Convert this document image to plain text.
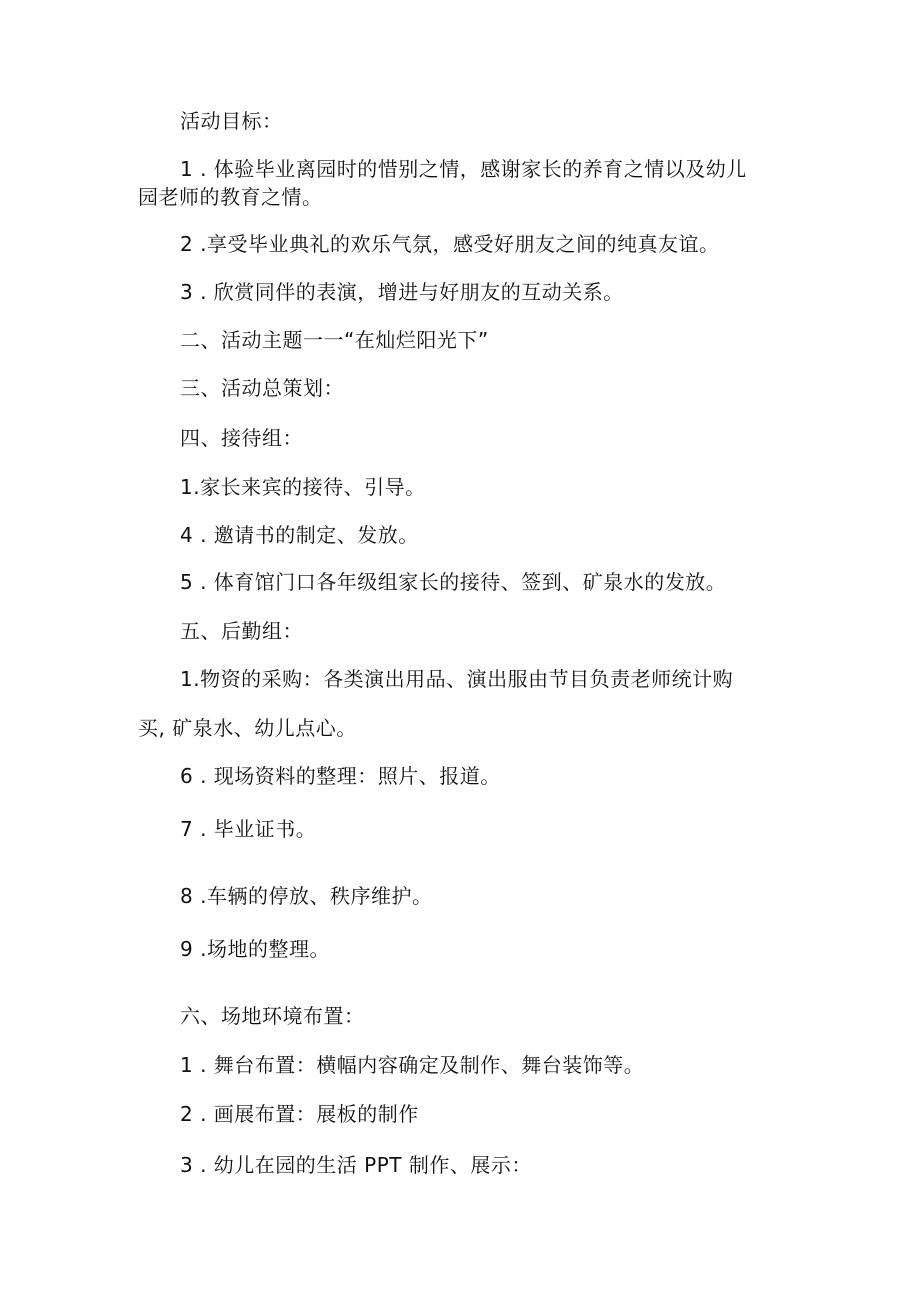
活动目标：
1 . 体验毕业离园时的惜别之情，感谢家长的养育之情以及幼儿
园老师的教育之情。
2 .享受毕业典礼的欢乐气氛，感受好朋友之间的纯真友谊。
3 . 欣赏同伴的表演，增进与好朋友的互动关系。
二、活动主题一一“在灿烂阳光下”
三、活动总策划：
四、接待组：
1.家长来宾的接待、引导。
4 . 邀请书的制定、发放。
5 . 体育馆门口各年级组家长的接待、签到、矿泉水的发放。
五、后勤组：
1.物资的采购：各类演出用品、演出服由节目负责老师统计购
买, 矿泉水、幼儿点心。
6 . 现场资料的整理：照片、报道。
7 . 毕业证书。
8 .车辆的停放、秩序维护。
9 .场地的整理。
六、场地环境布置：
1 . 舞台布置：横幅内容确定及制作、舞台装饰等。
2 . 画展布置：展板的制作
3 . 幼儿在园的生活 PPT 制作、展示：
